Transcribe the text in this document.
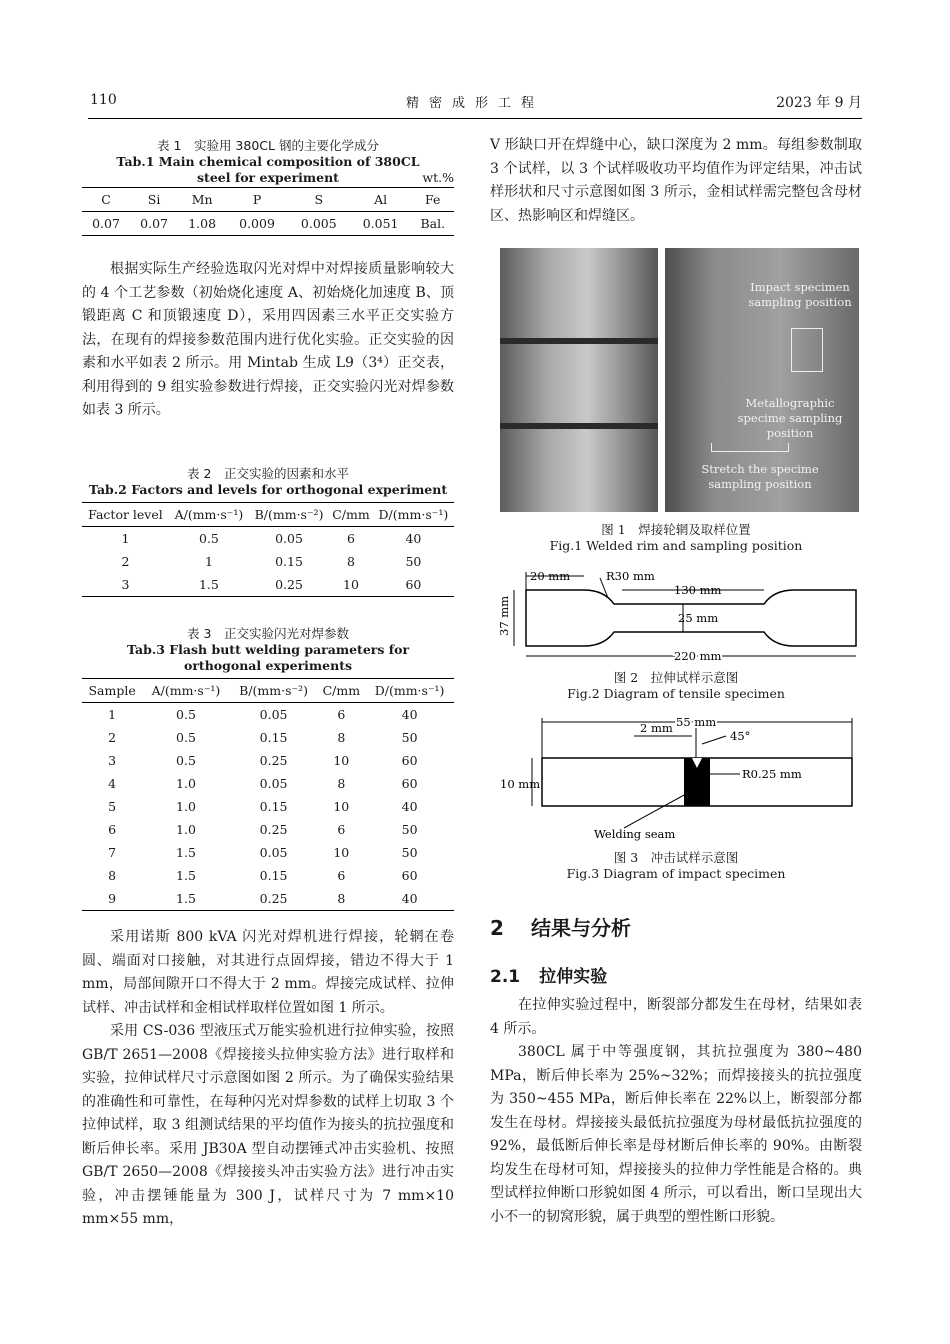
110	精密成形工程	2023 年 9 月
表 1　实验用 380CL 钢的主要化学成分
Tab.1 Main chemical composition of 380CL steel for experiment	wt.%
C	Si	Mn	P	S	Al	Fe
0.07	0.07	1.08	0.009	0.005	0.051	Bal.

根据实际生产经验选取闪光对焊中对焊接质量影响较大的 4 个工艺参数（初始烧化速度 A、初始烧化加速度 B、顶锻距离 C 和顶锻速度 D），采用四因素三水平正交实验方法，在现有的焊接参数范围内进行优化实验。正交实验的因素和水平如表 2 所示。用 Mintab 生成 L9（3⁴）正交表，利用得到的 9 组实验参数进行焊接，正交实验闪光对焊参数如表 3 所示。

表 2　正交实验的因素和水平
Tab.2 Factors and levels for orthogonal experiment
Factor level	A/(mm·s⁻¹)	B/(mm·s⁻²)	C/mm	D/(mm·s⁻¹)
1	0.5	0.05	6	40
2	1	0.15	8	50
3	1.5	0.25	10	60
表 3　正交实验闪光对焊参数
Tab.3 Flash butt welding parameters for orthogonal experiments
Sample	A/(mm·s⁻¹)	B/(mm·s⁻²)	C/mm	D/(mm·s⁻¹)
1	0.5	0.05	6	40
2	0.5	0.15	8	50
3	0.5	0.25	10	60
4	1.0	0.05	8	60
5	1.0	0.15	10	40
6	1.0	0.25	6	50
7	1.5	0.05	10	50
8	1.5	0.15	6	60
9	1.5	0.25	8	40

采用诺斯 800 kVA 闪光对焊机进行焊接，轮辋在卷圆、端面对口接触，对其进行点固焊接，错边不得大于 1 mm，局部间隙开口不得大于 2 mm。焊接完成试样、拉伸试样、冲击试样和金相试样取样位置如图 1 所示。

采用 CS-036 型液压式万能实验机进行拉伸实验，按照 GB/T 2651—2008《焊接接头拉伸实验方法》进行取样和实验，拉伸试样尺寸示意图如图 2 所示。为了确保实验结果的准确性和可靠性，在每种闪光对焊参数的试样上切取 3 个拉伸试样，取 3 组测试结果的平均值作为接头的抗拉强度和断后伸长率。采用 JB30A 型自动摆锤式冲击实验机、按照 GB/T 2650—2008《焊接接头冲击实验方法》进行冲击实验，冲击摆锤能量为 300 J，试样尺寸为 7 mm×10 mm×55 mm，

V 形缺口开在焊缝中心，缺口深度为 2 mm。每组参数制取 3 个试样，以 3 个试样吸收功平均值作为评定结果，冲击试样形状和尺寸示意图如图 3 所示，金相试样需完整包含母材区、热影响区和焊缝区。

Impact specimen sampling position
Metallographic specime sampling position
Stretch the specime sampling position
图 1　焊接轮辋及取样位置
Fig.1 Welded rim and sampling position
20 mm	R30 mm
130 mm
25 mm
37 mm
220 mm
图 2　拉伸试样示意图
Fig.2 Diagram of tensile specimen
55 mm
2 mm
45°
R0.25 mm
10 mm
Welding seam
图 3　冲击试样示意图
Fig.3 Diagram of impact specimen
2 结果与分析
2.1 拉伸实验

在拉伸实验过程中，断裂部分都发生在母材，结果如表 4 所示。

380CL 属于中等强度钢，其抗拉强度为 380~480 MPa，断后伸长率为 25%~32%；而焊接接头的抗拉强度为 350~455 MPa，断后伸长率在 22%以上，断裂部分都发生在母材。焊接接头最低抗拉强度为母材最低抗拉强度的 92%，最低断后伸长率是母材断后伸长率的 90%。由断裂均发生在母材可知，焊接接头的拉伸力学性能是合格的。典型试样拉伸断口形貌如图 4 所示，可以看出，断口呈现出大小不一的韧窝形貌，属于典型的塑性断口形貌。
